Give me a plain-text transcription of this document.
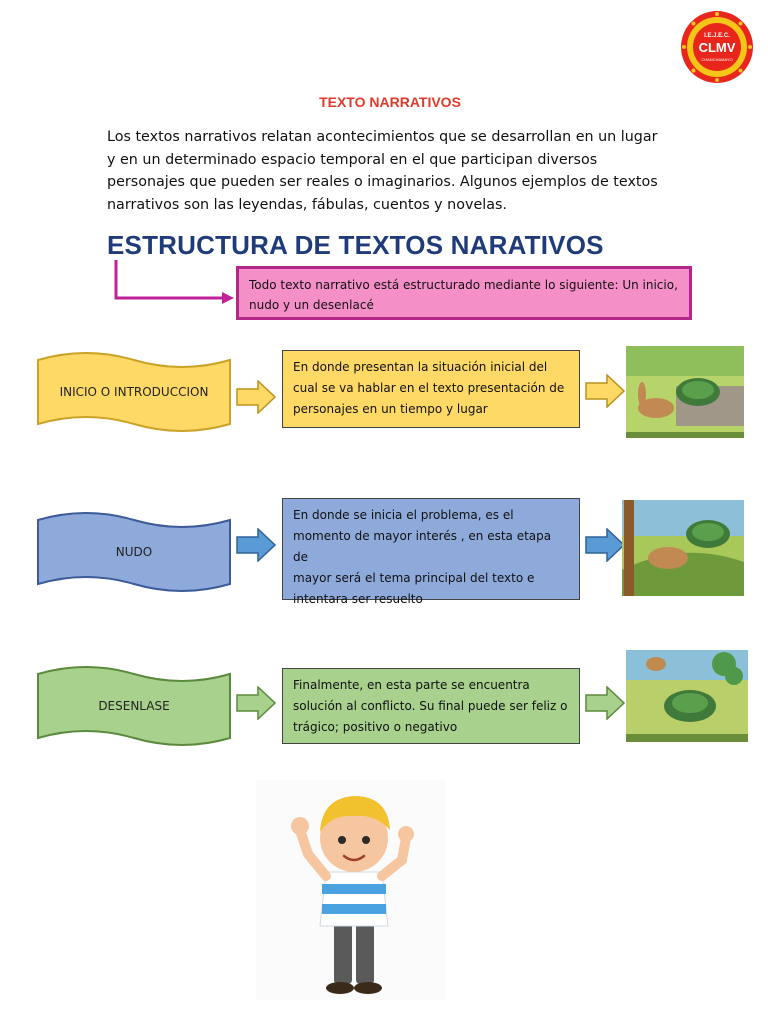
I.E.J.E.C.
CLMV
CHANCHAMAYO
TEXTO NARRATIVOS
Los textos narrativos relatan acontecimientos que se desarrollan en un lugar
y en un determinado espacio temporal en el que participan diversos
personajes que pueden ser reales o imaginarios. Algunos ejemplos de textos
narrativos son las leyendas, fábulas, cuentos y novelas.
ESTRUCTURA DE TEXTOS NARATIVOS
Todo texto narrativo está estructurado mediante lo siguiente: Un inicio,
nudo y un desenlacé
INICIO O INTRODUCCION
En donde presentan la situación inicial del
cual se va hablar en el texto presentación de
personajes en un tiempo y lugar
NUDO
En donde se inicia el problema, es el
momento de mayor interés , en esta etapa de
mayor será el tema principal del texto e
intentara ser resuelto
DESENLASE
Finalmente, en esta parte se encuentra
solución al conflicto. Su final puede ser feliz o
trágico; positivo o negativo
